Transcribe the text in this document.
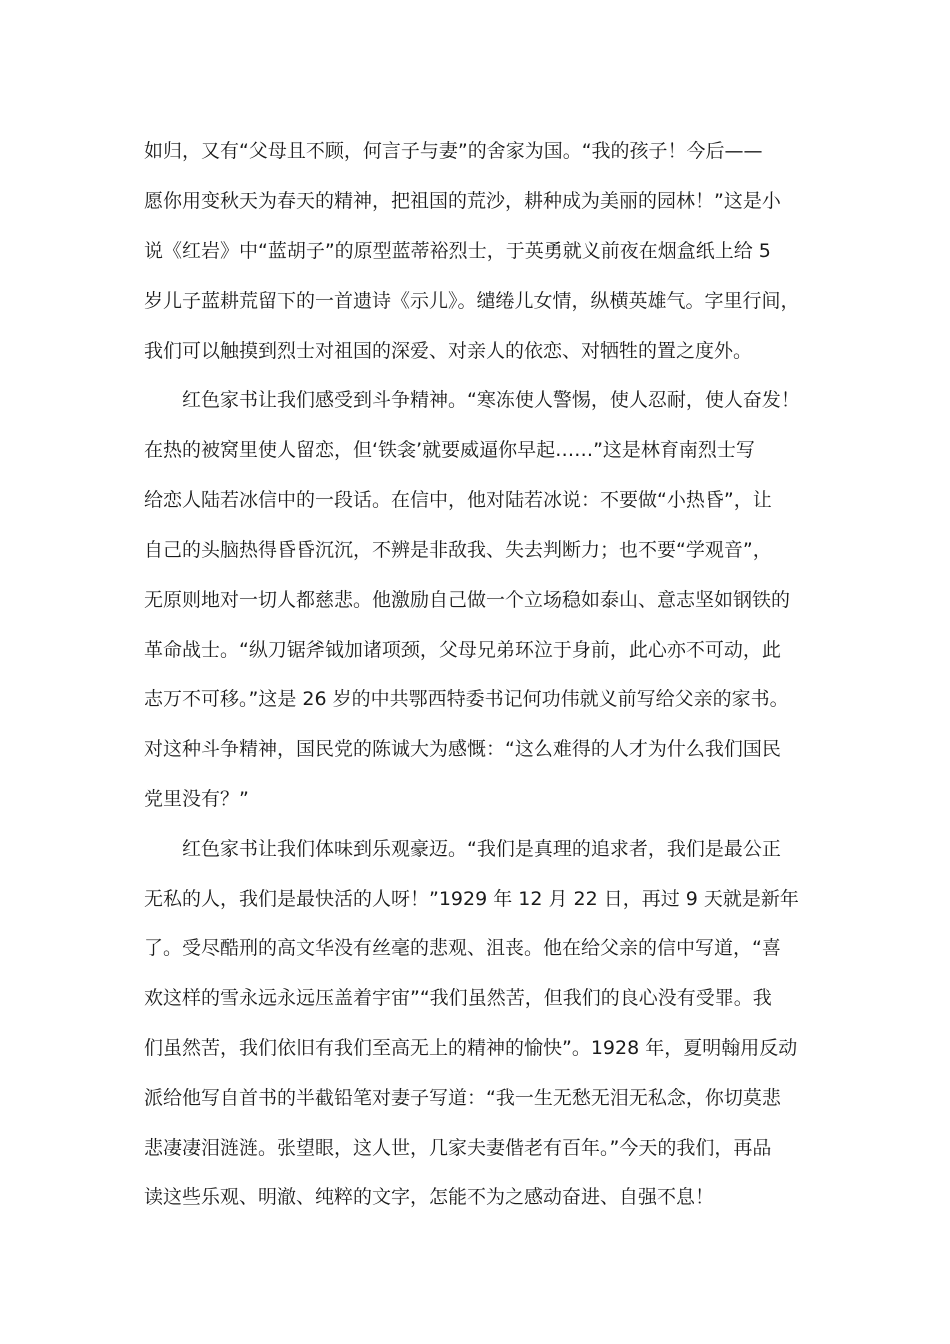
如归，又有“父母且不顾，何言子与妻”的舍家为国。“我的孩子！今后——
愿你用变秋天为春天的精神，把祖国的荒沙，耕种成为美丽的园林！”这是小
说《红岩》中“蓝胡子”的原型蓝蒂裕烈士，于英勇就义前夜在烟盒纸上给 5
岁儿子蓝耕荒留下的一首遗诗《示儿》。缱绻儿女情，纵横英雄气。字里行间，
我们可以触摸到烈士对祖国的深爱、对亲人的依恋、对牺牲的置之度外。
红色家书让我们感受到斗争精神。“寒冻使人警惕，使人忍耐，使人奋发！
在热的被窝里使人留恋，但‘铁衾’就要威逼你早起……”这是林育南烈士写
给恋人陆若冰信中的一段话。在信中，他对陆若冰说：不要做“小热昏”，让
自己的头脑热得昏昏沉沉，不辨是非敌我、失去判断力；也不要“学观音”，
无原则地对一切人都慈悲。他激励自己做一个立场稳如泰山、意志坚如钢铁的
革命战士。“纵刀锯斧钺加诸项颈，父母兄弟环泣于身前，此心亦不可动，此
志万不可移。”这是 26 岁的中共鄂西特委书记何功伟就义前写给父亲的家书。
对这种斗争精神，国民党的陈诚大为感慨：“这么难得的人才为什么我们国民
党里没有？”
红色家书让我们体味到乐观豪迈。“我们是真理的追求者，我们是最公正
无私的人，我们是最快活的人呀！”1929 年 12 月 22 日，再过 9 天就是新年
了。受尽酷刑的高文华没有丝毫的悲观、沮丧。他在给父亲的信中写道，“喜
欢这样的雪永远永远压盖着宇宙”“我们虽然苦，但我们的良心没有受罪。我
们虽然苦，我们依旧有我们至高无上的精神的愉快”。1928 年，夏明翰用反动
派给他写自首书的半截铅笔对妻子写道：“我一生无愁无泪无私念，你切莫悲
悲凄凄泪涟涟。张望眼，这人世，几家夫妻偕老有百年。”今天的我们，再品
读这些乐观、明澈、纯粹的文字，怎能不为之感动奋进、自强不息！
